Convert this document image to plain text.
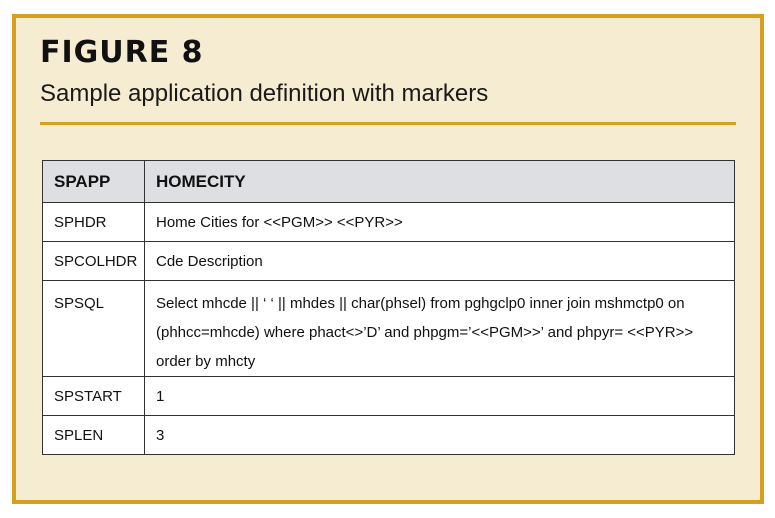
FIGURE 8
Sample application definition with markers
SPAPP	HOMECITY
SPHDR	Home Cities for <<PGM>> <<PYR>>
SPCOLHDR	Cde Description
SPSQL	Select mhcde || ‘ ‘ || mhdes || char(phsel) from pghgclp0 inner join mshmctp0 on (phhcc=mhcde) where phact<>’D’ and phpgm=’<<PGM>>’ and phpyr= <<PYR>> order by mhcty
SPSTART	1
SPLEN	3
